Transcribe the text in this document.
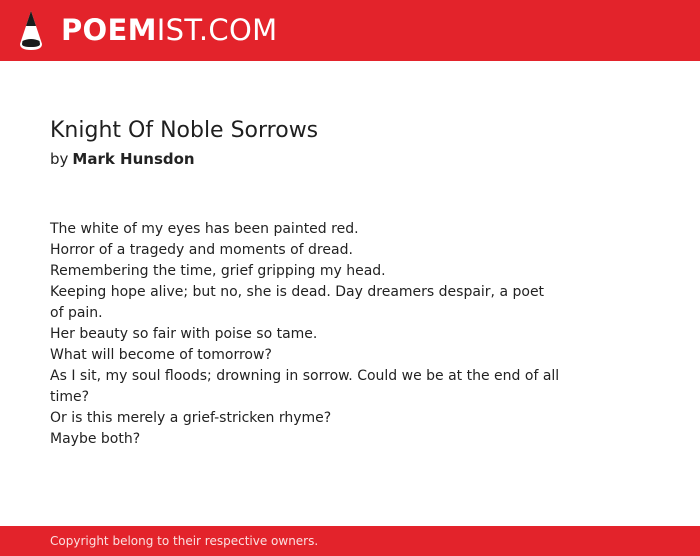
POEMIST.COM
Knight Of Noble Sorrows
by Mark Hunsdon
The white of my eyes has been painted red.
Horror of a tragedy and moments of dread.
Remembering the time, grief gripping my head.
Keeping hope alive; but no, she is dead. Day dreamers despair, a poet of pain.
Her beauty so fair with poise so tame.
What will become of tomorrow?
As I sit, my soul floods; drowning in sorrow. Could we be at the end of all time?
Or is this merely a grief-stricken rhyme?
Maybe both?
Copyright belong to their respective owners.
